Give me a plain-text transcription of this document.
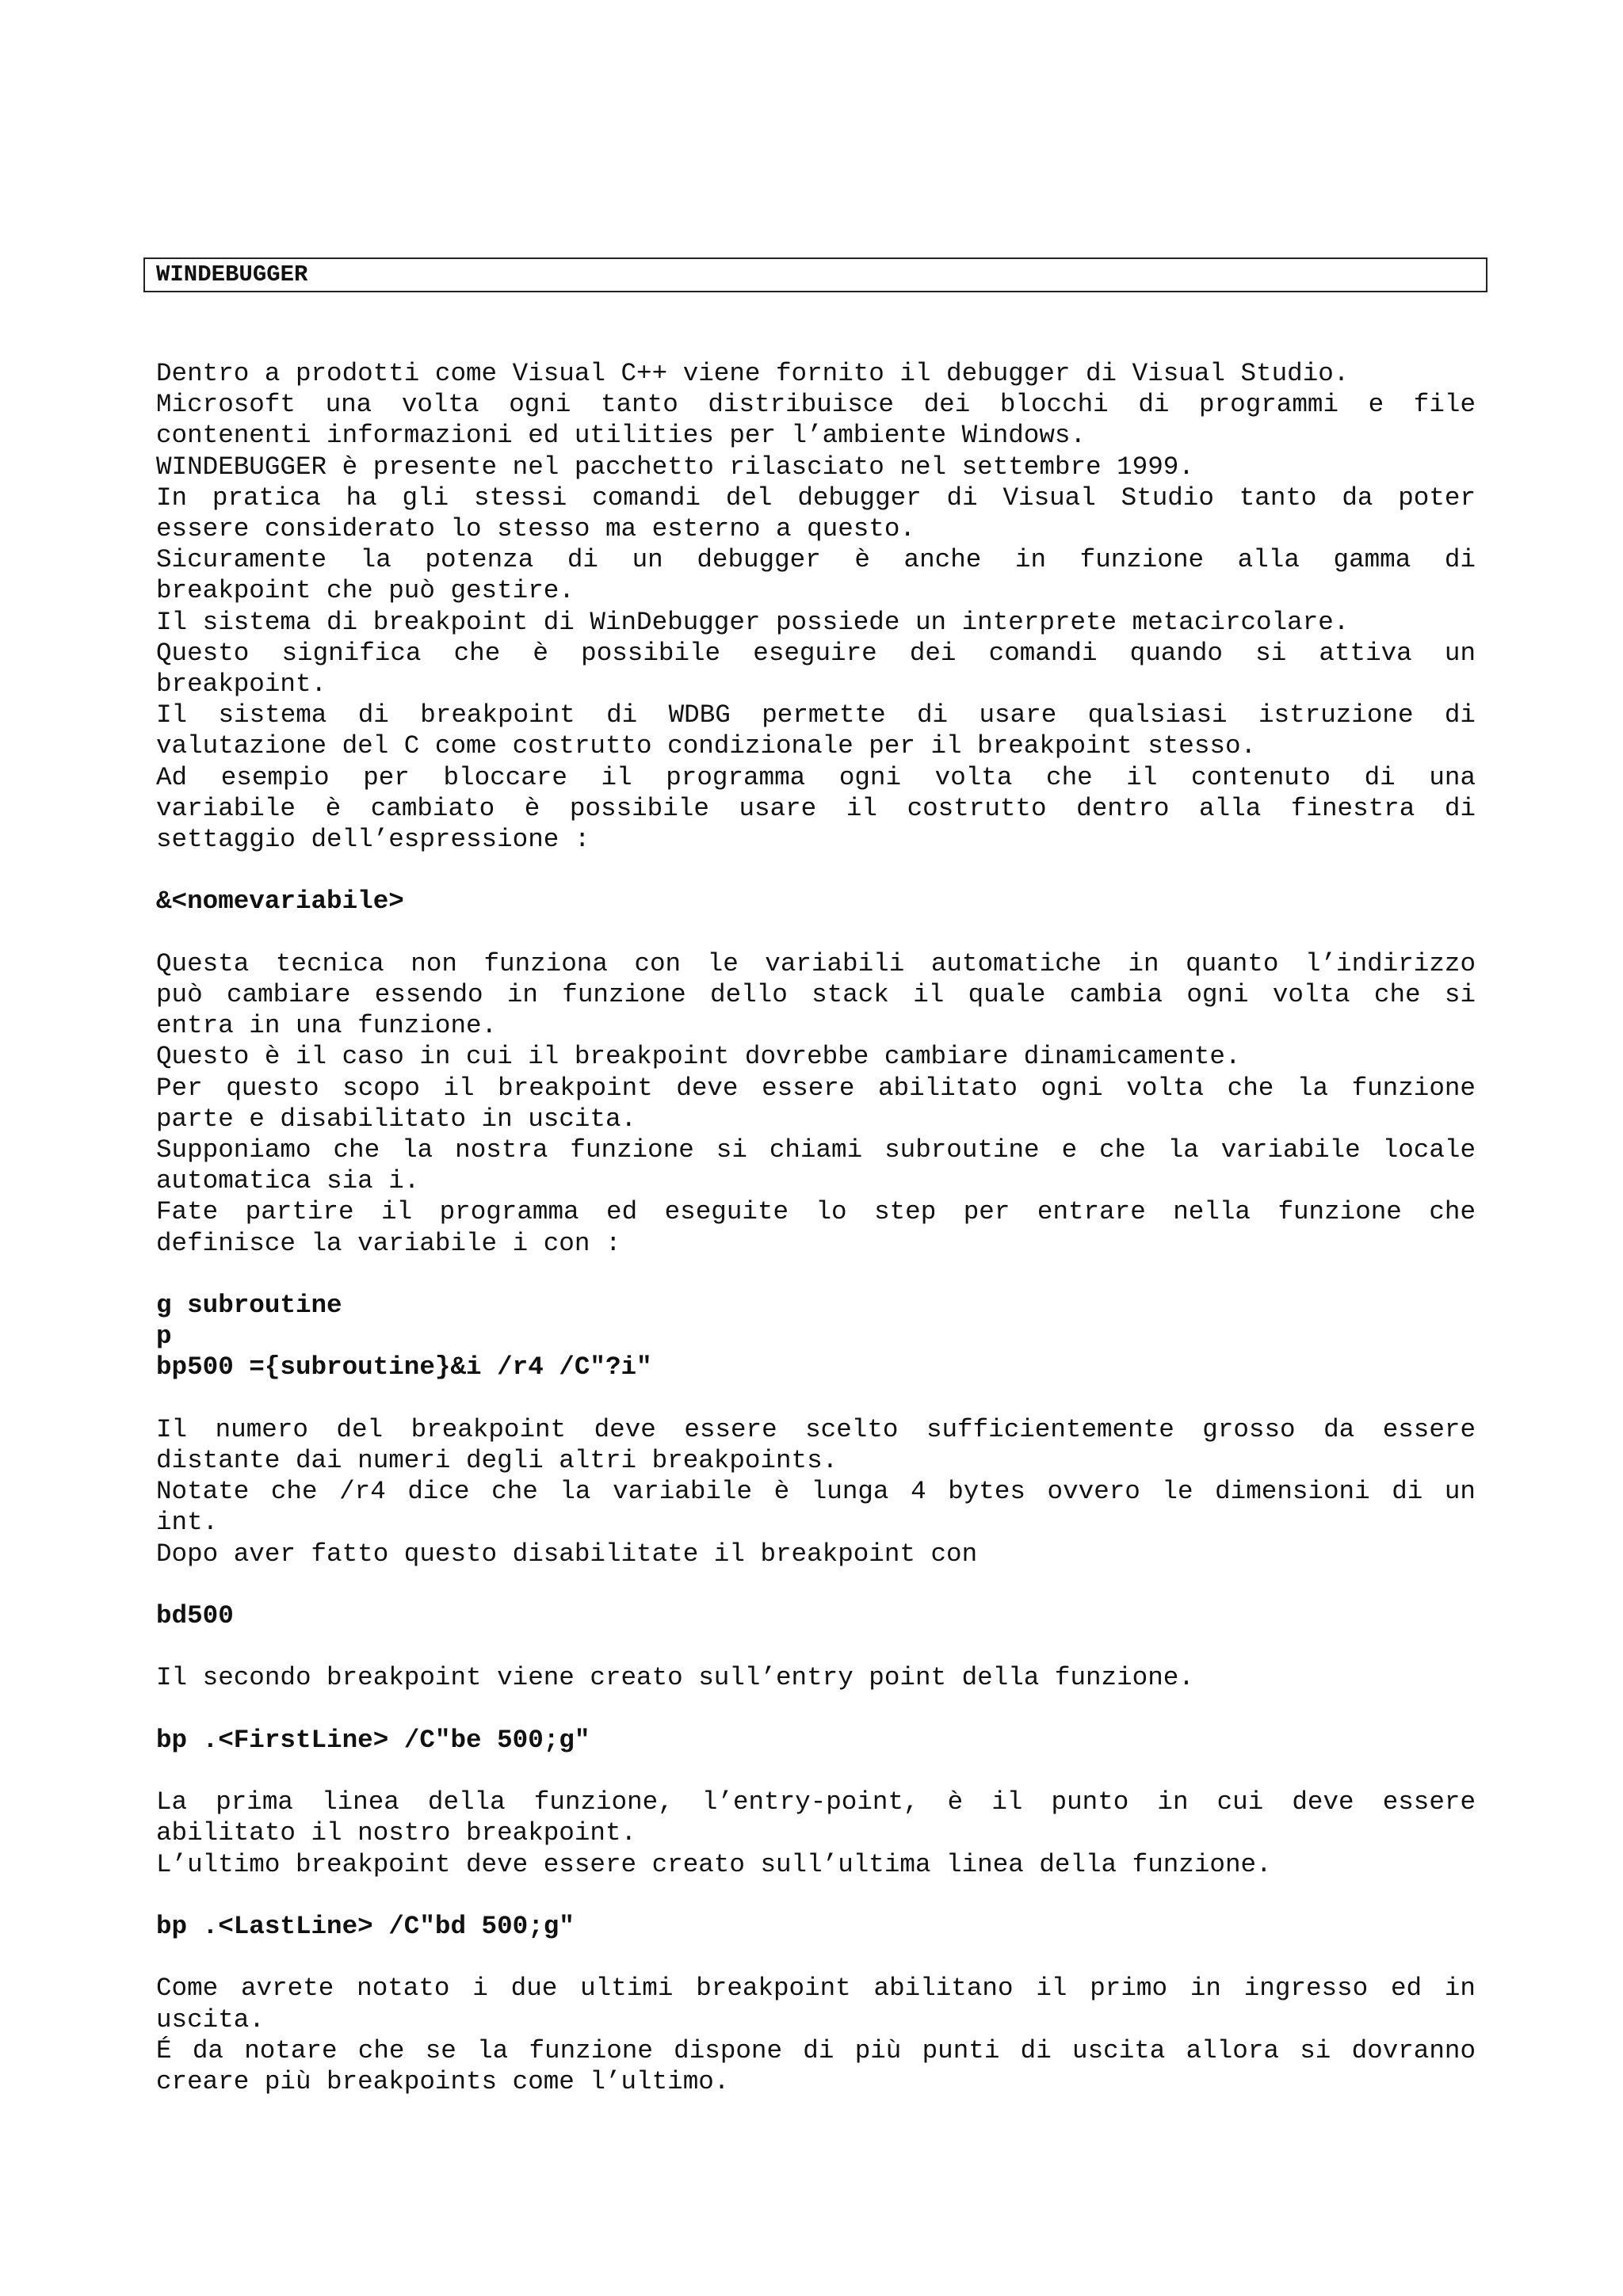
WINDEBUGGER
Dentro a prodotti come Visual C++ viene fornito il debugger di Visual Studio.
Microsoft una volta ogni tanto distribuisce dei blocchi di programmi e file
contenenti informazioni ed utilities per l’ambiente Windows.
WINDEBUGGER è presente nel pacchetto rilasciato nel settembre 1999.
In pratica ha gli stessi comandi del debugger di Visual Studio tanto da poter
essere considerato lo stesso ma esterno a questo.
Sicuramente la potenza di un debugger è anche in funzione alla gamma di
breakpoint che può gestire.
Il sistema di breakpoint di WinDebugger possiede un interprete metacircolare.
Questo significa che è possibile eseguire dei comandi quando si attiva un
breakpoint.
Il sistema di breakpoint di WDBG permette di usare qualsiasi istruzione di
valutazione del C come costrutto condizionale per il breakpoint stesso.
Ad esempio per bloccare il programma ogni volta che il contenuto di una
variabile è cambiato è possibile usare il costrutto dentro alla finestra di
settaggio dell’espressione :
&<nomevariabile>
Questa tecnica non funziona con le variabili automatiche in quanto l’indirizzo
può cambiare essendo in funzione dello stack il quale cambia ogni volta che si
entra in una funzione.
Questo è il caso in cui il breakpoint dovrebbe cambiare dinamicamente.
Per questo scopo il breakpoint deve essere abilitato ogni volta che la funzione
parte e disabilitato in uscita.
Supponiamo che la nostra funzione si chiami subroutine e che la variabile locale
automatica sia i.
Fate partire il programma ed eseguite lo step per entrare nella funzione che
definisce la variabile i con :
g subroutine
p
bp500 ={subroutine}&i /r4 /C"?i"
Il numero del breakpoint deve essere scelto sufficientemente grosso da essere
distante dai numeri degli altri breakpoints.
Notate che /r4 dice che la variabile è lunga 4 bytes ovvero le dimensioni di un
int.
Dopo aver fatto questo disabilitate il breakpoint con
bd500
Il secondo breakpoint viene creato sull’entry point della funzione.
bp .<FirstLine> /C"be 500;g"
La prima linea della funzione, l’entry-point, è il punto in cui deve essere
abilitato il nostro breakpoint.
L’ultimo breakpoint deve essere creato sull’ultima linea della funzione.
bp .<LastLine> /C"bd 500;g"
Come avrete notato i due ultimi breakpoint abilitano il primo in ingresso ed in
uscita.
É da notare che se la funzione dispone di più punti di uscita allora si dovranno
creare più breakpoints come l’ultimo.
